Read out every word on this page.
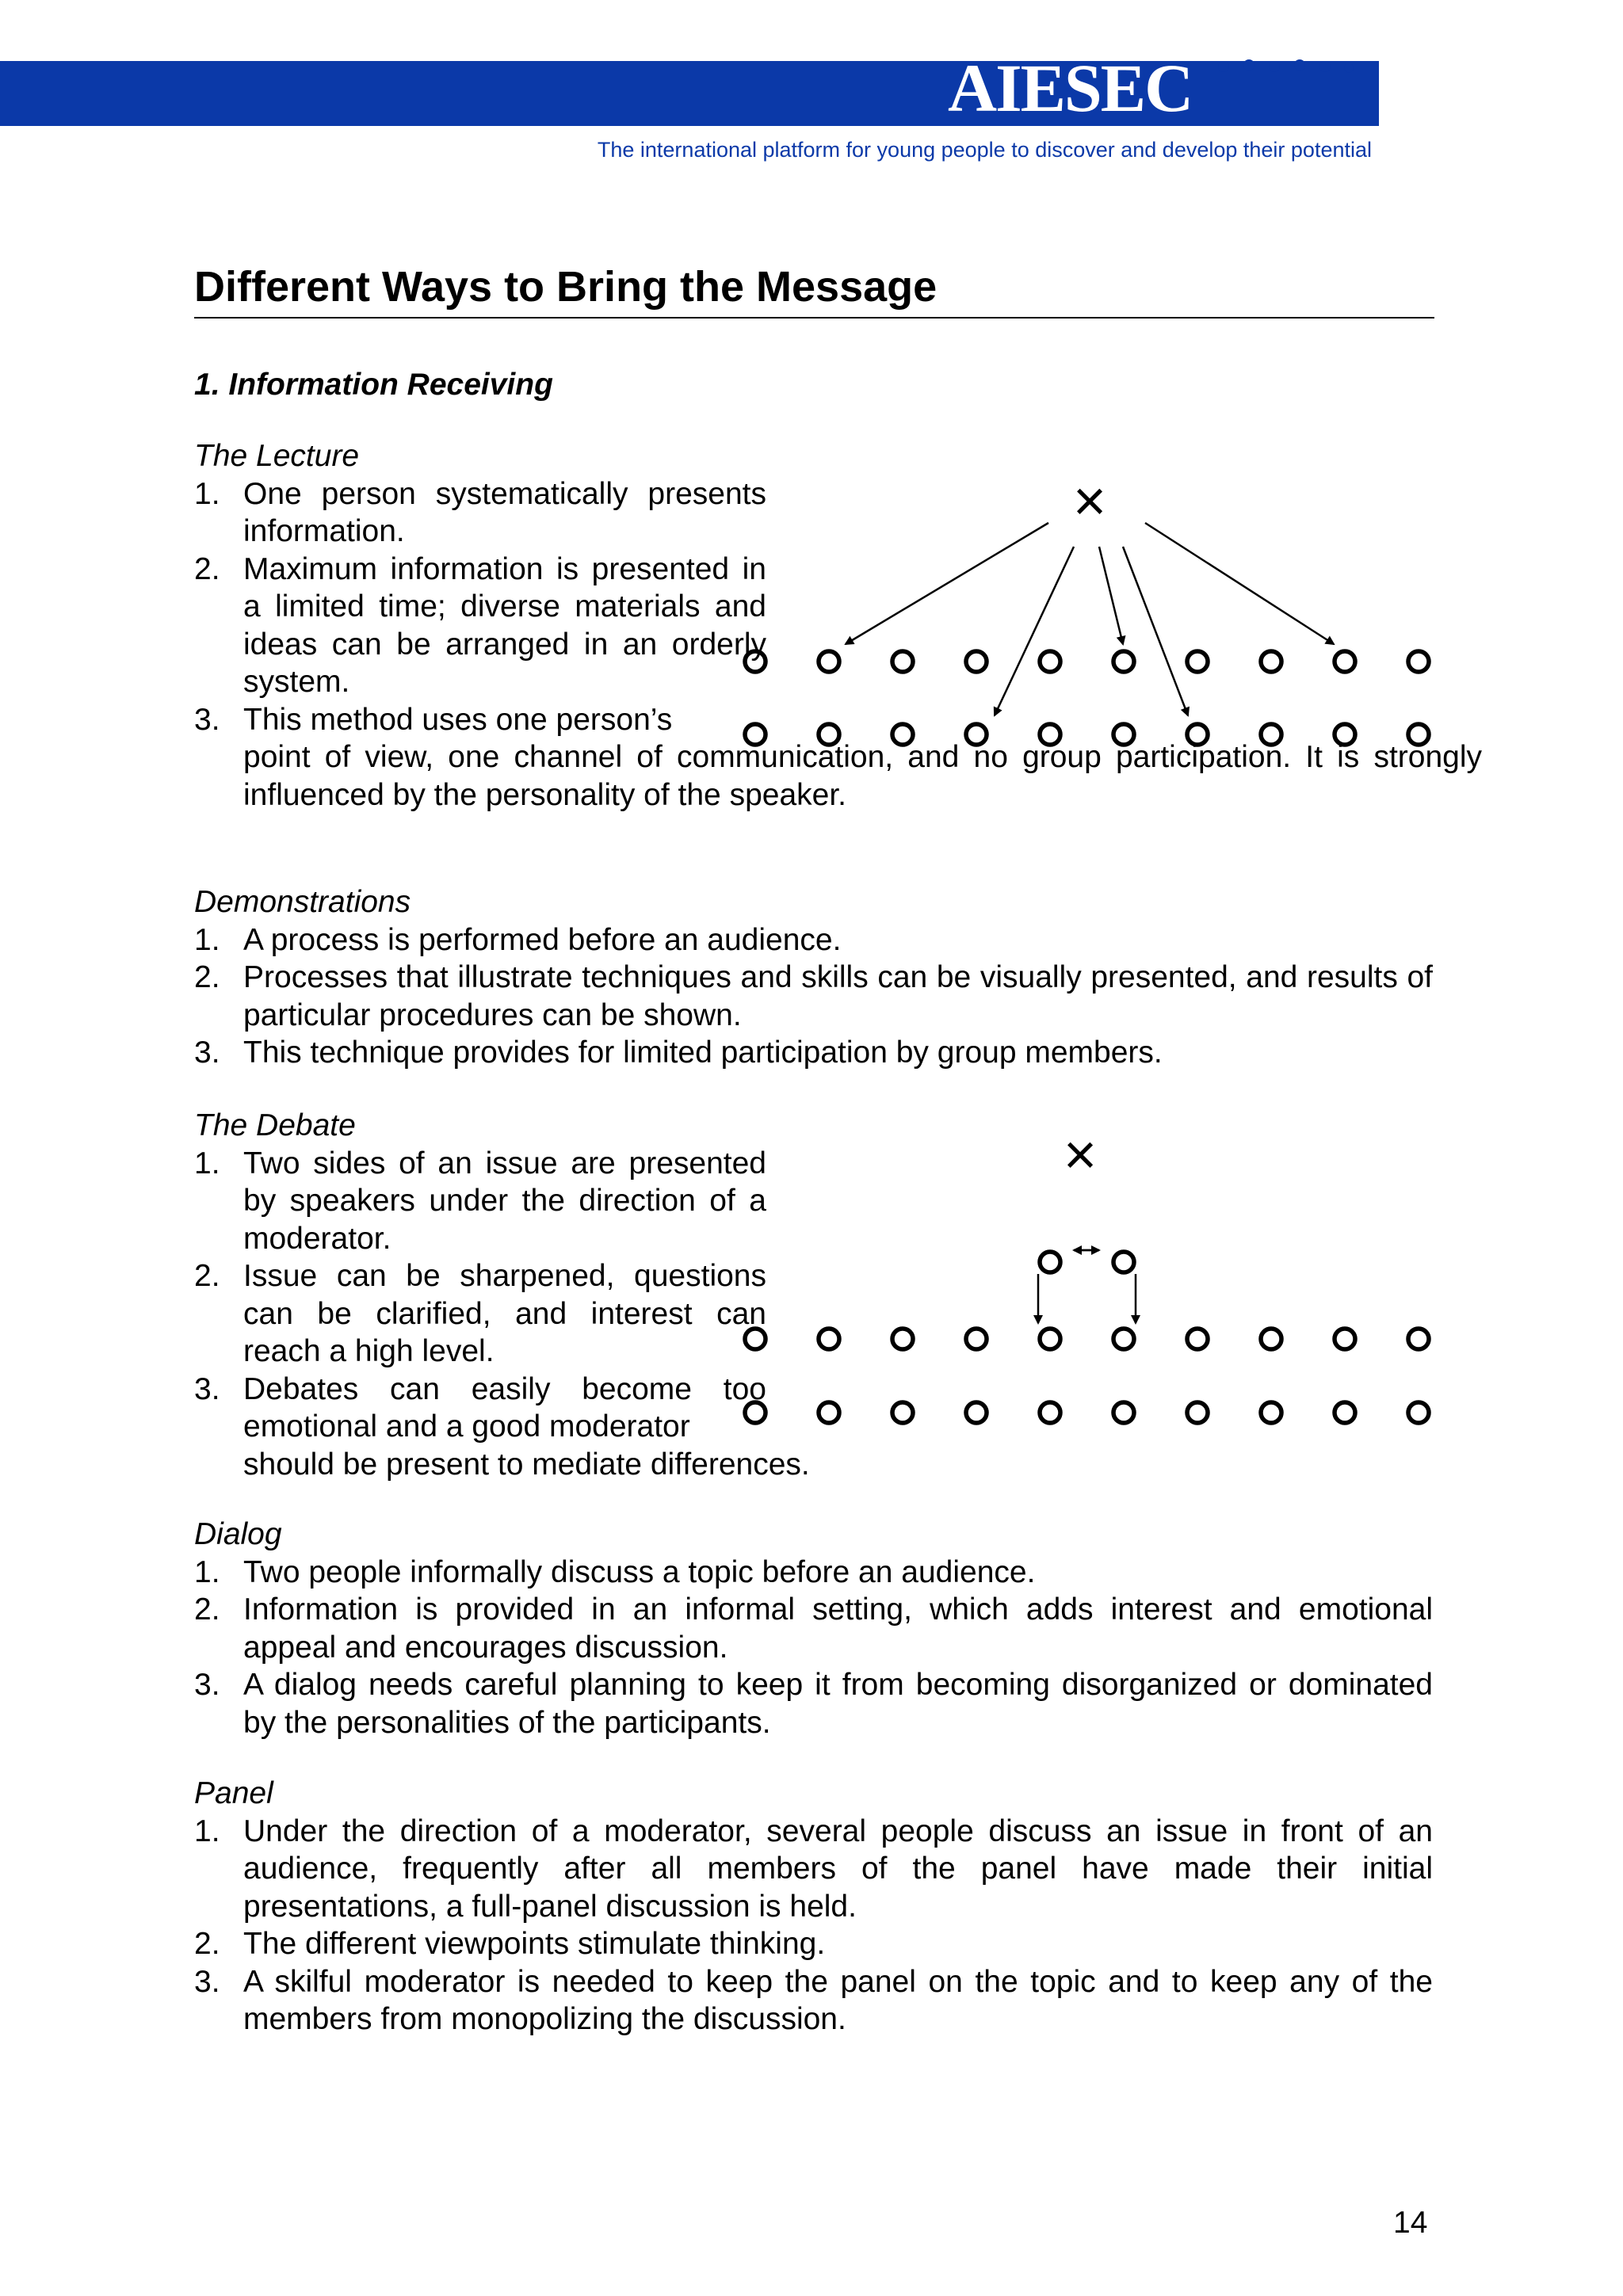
AIESEC
The international platform for young people to discover and develop their potential
Different Ways to Bring the Message
1. Information Receiving
The Lecture
1. One person systematically presents information.
2. Maximum information is presented in a limited time; diverse materials and ideas can be arranged in an orderly system.
3. This method uses one person’s
point of view, one channel of communication, and no group participation. It is strongly influenced by the personality of the speaker.
×
Demonstrations
1. A process is performed before an audience.
2. Processes that illustrate techniques and skills can be visually presented, and results of particular procedures can be shown.
3. This technique provides for limited participation by group members.
The Debate
1. Two sides of an issue are presented by speakers under the direction of a moderator.
2. Issue can be sharpened, questions can be clarified, and interest can reach a high level.
3. Debates can easily become too emotional and a good moderator
should be present to mediate differences.
×
Dialog
1. Two people informally discuss a topic before an audience.
2. Information is provided in an informal setting, which adds interest and emotional appeal and encourages discussion.
3. A dialog needs careful planning to keep it from becoming disorganized or dominated by the personalities of the participants.
Panel
1. Under the direction of a moderator, several people discuss an issue in front of an audience, frequently after all members of the panel have made their initial presentations, a full-panel discussion is held.
2. The different viewpoints stimulate thinking.
3. A skilful moderator is needed to keep the panel on the topic and to keep any of the members from monopolizing the discussion.
14
